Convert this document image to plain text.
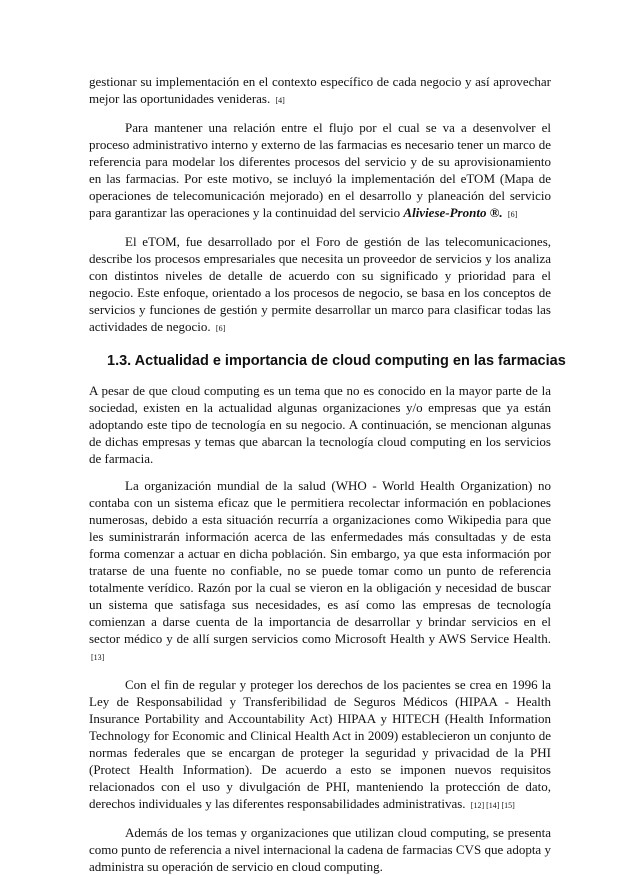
gestionar su implementación en el contexto específico de cada negocio y así aprovechar mejor las oportunidades venideras. [4]

Para mantener una relación entre el flujo por el cual se va a desenvolver el proceso administrativo interno y externo de las farmacias es necesario tener un marco de referencia para modelar los diferentes procesos del servicio y de su aprovisionamiento en las farmacias. Por este motivo, se incluyó la implementación del eTOM (Mapa de operaciones de telecomunicación mejorado) en el desarrollo y planeación del servicio para garantizar las operaciones y la continuidad del servicio Aliviese-Pronto ®. [6]

El eTOM, fue desarrollado por el Foro de gestión de las telecomunicaciones, describe los procesos empresariales que necesita un proveedor de servicios y los analiza con distintos niveles de detalle de acuerdo con su significado y prioridad para el negocio. Este enfoque, orientado a los procesos de negocio, se basa en los conceptos de servicios y funciones de gestión y permite desarrollar un marco para clasificar todas las actividades de negocio. [6]

1.3. Actualidad e importancia de cloud computing en las farmacias

A pesar de que cloud computing es un tema que no es conocido en la mayor parte de la sociedad, existen en la actualidad algunas organizaciones y/o empresas que ya están adoptando este tipo de tecnología en su negocio. A continuación, se mencionan algunas de dichas empresas y temas que abarcan la tecnología cloud computing en los servicios de farmacia.

La organización mundial de la salud (WHO - World Health Organization) no contaba con un sistema eficaz que le permitiera recolectar información en poblaciones numerosas, debido a esta situación recurría a organizaciones como Wikipedia para que les suministrarán información acerca de las enfermedades más consultadas y de esta forma comenzar a actuar en dicha población. Sin embargo, ya que esta información por tratarse de una fuente no confiable, no se puede tomar como un punto de referencia totalmente verídico. Razón por la cual se vieron en la obligación y necesidad de buscar un sistema que satisfaga sus necesidades, es así como las empresas de tecnología comienzan a darse cuenta de la importancia de desarrollar y brindar servicios en el sector médico y de allí surgen servicios como Microsoft Health y AWS Service Health. [13]

Con el fin de regular y proteger los derechos de los pacientes se crea en 1996 la Ley de Responsabilidad y Transferibilidad de Seguros Médicos (HIPAA - Health Insurance Portability and Accountability Act) HIPAA y HITECH (Health Information Technology for Economic and Clinical Health Act in 2009) establecieron un conjunto de normas federales que se encargan de proteger la seguridad y privacidad de la PHI (Protect Health Information). De acuerdo a esto se imponen nuevos requisitos relacionados con el uso y divulgación de PHI, manteniendo la protección de dato, derechos individuales y las diferentes responsabilidades administrativas. [12] [14] [15]

Además de los temas y organizaciones que utilizan cloud computing, se presenta como punto de referencia a nivel internacional la cadena de farmacias CVS que adopta y administra su operación de servicio en cloud computing.
